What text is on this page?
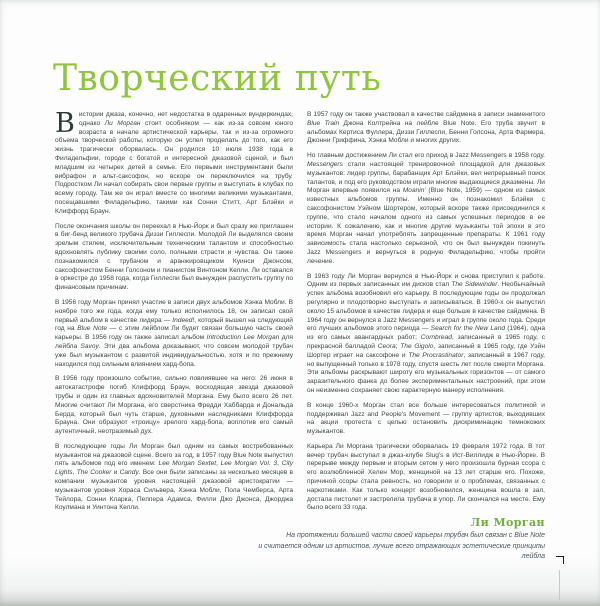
Творческий путь

Вистории джаза, конечно, нет недостатка в одаренных вундеркиндах, однако Ли Морган стоит особняком — как из-за совсем юного возраста в начале артистической карьеры, так и из-за огромного объема творческой работы, которую он успел проделать до того, как его жизнь трагически оборвалась. Он родился 10 июля 1938 года в Филадельфии, городе с богатой и интересной джазовой сценой, и был младшим из четырех детей в семье. Его первыми инструментами были вибрафон и альт-саксофон, но вскоре он переключился на трубу. Подростком Ли начал собирать свои первые группы и выступать в клубах по всему городу. Там же он играл вместе со многими великими музыкантами, посещавшими Филадельфию, такими как Сонни Ститт, Арт Блэйки и Клиффорд Браун.

После окончания школы он переехал в Нью-Йорк и был сразу же приглашен в биг-бенд великого трубача Диззи Гиллеспи. Молодой Ли выделялся своим зрелым стилем, исключительным техническим талантом и способностью вдохновлять публику своими соло, полными страсти и чувства. Он также познакомился с трубачом и аранжировщиком Куинси Джонсом, саксофонистом Бенни Голсоном и пианистом Винтоном Келли. Ли оставался в оркестре до 1958 года, когда Гиллеспи был вынужден распустить группу по финансовым причинам.

В 1956 году Морган принял участие в записи двух альбомов Хэнка Мобли. В ноябре того же года, когда ему только исполнилось 18, он записал свой первый альбом в качестве лидера — Indeed!, который вышел на следующий год на Blue Note — с этим лейблом Ли будет связан большую часть своей карьеры. В 1956 году он также записал альбом Introduction Lee Morgan для лейбла Savoy. Эти два альбома доказывают, что совсем молодой трубач уже был музыкантом с развитой индивидуальностью, хотя и по прежнему находился под сильным влиянием хард-бопа.

В 1956 году произошло событие, сильно повлиявшее на него: 26 июня в автокатастрофе погиб Клиффорд Браун, восходящая звезда джазовой трубы и один из главных вдохновителей Моргана. Ему было всего 26 лет. Многие считают Ли Моргана, его сверстника Фредди Хаббарда и Дональда Берда, который был чуть старше, духовными наследниками Клиффорда Брауна. Они образуют «троицу» зрелого хард-бопа, воплотив его самый аутентичный, неотразимый дух.

В последующие годы Ли Морган был одним из самых востребованных музыкантов на джазовой сцене. Всего за год, в 1957 году Blue Note выпустил пять альбомов под его именем: Lee Morgan Sextet, Lee Morgan Vol. 3, City Lights, The Cooker и Candy. Все они были записаны за несколько месяцев в компании музыкантов уровня настоящей джазовой аристократии — музыкантов уровня Хораса Сильвера, Хэнка Мобли, Пола Чемберса, Арта Тейлора, Сонни Кларка, Пеппера Адамса, Филли Джо Джонса, Джорджа Коулмана и Уинтона Келли.

В 1957 году он также участвовал в качестве сайдмена в записи знаменитого Blue Train Джона Колтрейна на лейбле Blue Note. Его труба звучит в альбомах Кертиса Фуллера, Диззи Гиллеспи, Бенни Голсона, Арта Фармера, Джонни Гриффина, Хэнка Мобли и многих других.

Но главным достижением Ли стал его приход в Jazz Messengers в 1958 году. Messengers стали настоящей тренировочной площадкой для джазовых музыкантов: лидер группы, барабанщик Арт Блэйки, вел непрерывный поиск талантов, и под его руководством играли многие выдающиеся джазмены. Ли Морган впервые появился на Moanin' (Blue Note, 1959) — одном из самых известных альбомов группы. Именно он познакомил Блэйки с саксофонистом Уэйном Шортером, который вскоре также присоединился к группе, что стало началом одного из самых успешных периодов в ее истории. К сожалению, как и многие другие музыканты той эпохи в это время Морган начал употреблять запрещенные препараты. К 1961 году зависимость стала настолько серьезной, что он был вынужден покинуть Jazz Messengers и вернуться в родную Филадельфию, чтобы пройти лечение.

В 1963 году Ли Морган вернулся в Нью-Йорк и снова приступил к работе. Одним из первых записанных им дисков стал The Sidewinder. Необычайный успех альбома возобновил его карьеру. В последующие годы он продолжал регулярно и плодотворно выступать и записываться. В 1960-х он выпустил около 15 альбомов в качестве лидера и еще больше в качестве сайдмена. В 1964 году он вернулся в Jazz Messengers и играл в группе около года. Среди его лучших альбомов этого периода — Search for the New Land (1964), одна из его самых авангардных работ; Cornbread, записанный в 1965 году, с прекрасной балладой Ceora; The Gigolo, записанный в 1965 году, где Уэйн Шортер играет на саксофоне и The Procrastinator, записанный в 1967 году, но выпущенный только в 1978 году, спустя шесть лет после смерти Моргана. Эти альбомы раскрывают широту его музыкальных горизонтов — от самого заразительного фанка до более экспериментальных настроений, при этом он неизменно сохраняет свою характерную манеру исполнения.

В конце 1960-х Морган стал все больше интересоваться политикой и поддерживал Jazz and People's Movement — группу артистов, выходивших на акции протеста с целью остановить дискриминацию темнокожих музыкантов.

Карьера Ли Моргана трагически оборвалась 19 февраля 1972 года. В тот вечер трубач выступал в джаз-клубе Slug's в Ист-Виллидж в Нью-Йорке. В перерыве между первым и вторым сетом у него произошла бурная ссора с его возлюбленной Хелен Мор, женщиной на 13 лет старше его. Похоже, причиной ссоры стала ревность, но говорили и о проблемах, связанных с наркотиками. Как только концерт возобновился, женщина вошла в зал, достала пистолет и застрелила трубача в упор. Ли скончался на месте. Ему было всего 33 года.

Ли Морган
На протяжении большей части своей карьеры трубач был связан с Blue Note
и считается одним из артистов, лучше всего отражающих эстетические принципы лейбла
